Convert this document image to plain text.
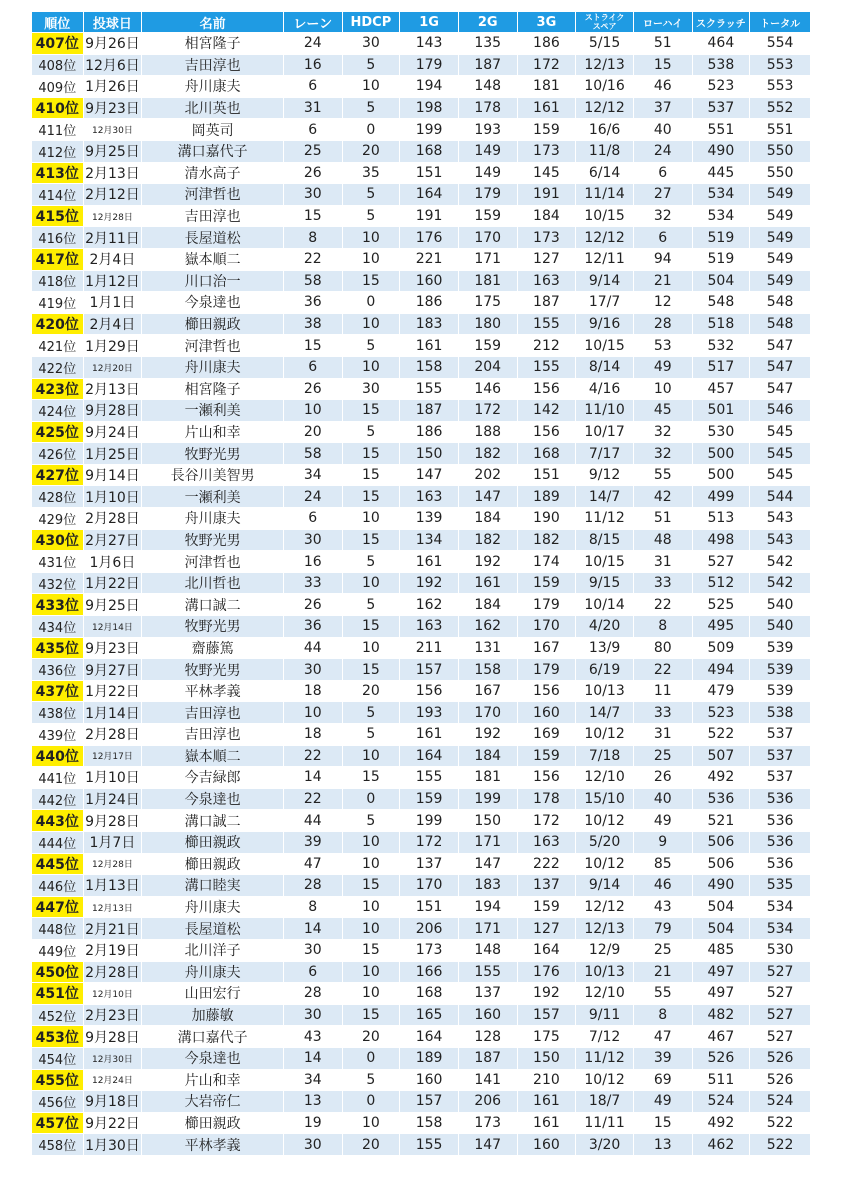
順位	投球日	名前	レーン	HDCP	1G	2G	3G	ストライク
スペア	ローハイ	スクラッチ	トータル
407位	9月26日	相宮隆子	24	30	143	135	186	5/15	51	464	554
408位	12月6日	吉田淳也	16	5	179	187	172	12/13	15	538	553
409位	1月26日	舟川康夫	6	10	194	148	181	10/16	46	523	553
410位	9月23日	北川英也	31	5	198	178	161	12/12	37	537	552
411位	12月30日	岡英司	6	0	199	193	159	16/6	40	551	551
412位	9月25日	溝口嘉代子	25	20	168	149	173	11/8	24	490	550
413位	2月13日	清水高子	26	35	151	149	145	6/14	6	445	550
414位	2月12日	河津哲也	30	5	164	179	191	11/14	27	534	549
415位	12月28日	吉田淳也	15	5	191	159	184	10/15	32	534	549
416位	2月11日	長屋道松	8	10	176	170	173	12/12	6	519	549
417位	2月4日	嶽本順二	22	10	221	171	127	12/11	94	519	549
418位	1月12日	川口治一	58	15	160	181	163	9/14	21	504	549
419位	1月1日	今泉達也	36	0	186	175	187	17/7	12	548	548
420位	2月4日	櫛田親政	38	10	183	180	155	9/16	28	518	548
421位	1月29日	河津哲也	15	5	161	159	212	10/15	53	532	547
422位	12月20日	舟川康夫	6	10	158	204	155	8/14	49	517	547
423位	2月13日	相宮隆子	26	30	155	146	156	4/16	10	457	547
424位	9月28日	一瀬利美	10	15	187	172	142	11/10	45	501	546
425位	9月24日	片山和幸	20	5	186	188	156	10/17	32	530	545
426位	1月25日	牧野光男	58	15	150	182	168	7/17	32	500	545
427位	9月14日	長谷川美智男	34	15	147	202	151	9/12	55	500	545
428位	1月10日	一瀬利美	24	15	163	147	189	14/7	42	499	544
429位	2月28日	舟川康夫	6	10	139	184	190	11/12	51	513	543
430位	2月27日	牧野光男	30	15	134	182	182	8/15	48	498	543
431位	1月6日	河津哲也	16	5	161	192	174	10/15	31	527	542
432位	1月22日	北川哲也	33	10	192	161	159	9/15	33	512	542
433位	9月25日	溝口誠二	26	5	162	184	179	10/14	22	525	540
434位	12月14日	牧野光男	36	15	163	162	170	4/20	8	495	540
435位	9月23日	齋藤篤	44	10	211	131	167	13/9	80	509	539
436位	9月27日	牧野光男	30	15	157	158	179	6/19	22	494	539
437位	1月22日	平林孝義	18	20	156	167	156	10/13	11	479	539
438位	1月14日	吉田淳也	10	5	193	170	160	14/7	33	523	538
439位	2月28日	吉田淳也	18	5	161	192	169	10/12	31	522	537
440位	12月17日	嶽本順二	22	10	164	184	159	7/18	25	507	537
441位	1月10日	今吉緑郎	14	15	155	181	156	12/10	26	492	537
442位	1月24日	今泉達也	22	0	159	199	178	15/10	40	536	536
443位	9月28日	溝口誠二	44	5	199	150	172	10/12	49	521	536
444位	1月7日	櫛田親政	39	10	172	171	163	5/20	9	506	536
445位	12月28日	櫛田親政	47	10	137	147	222	10/12	85	506	536
446位	1月13日	溝口睦実	28	15	170	183	137	9/14	46	490	535
447位	12月13日	舟川康夫	8	10	151	194	159	12/12	43	504	534
448位	2月21日	長屋道松	14	10	206	171	127	12/13	79	504	534
449位	2月19日	北川洋子	30	15	173	148	164	12/9	25	485	530
450位	2月28日	舟川康夫	6	10	166	155	176	10/13	21	497	527
451位	12月10日	山田宏行	28	10	168	137	192	12/10	55	497	527
452位	2月23日	加藤敏	30	15	165	160	157	9/11	8	482	527
453位	9月28日	溝口嘉代子	43	20	164	128	175	7/12	47	467	527
454位	12月30日	今泉達也	14	0	189	187	150	11/12	39	526	526
455位	12月24日	片山和幸	34	5	160	141	210	10/12	69	511	526
456位	9月18日	大岩帝仁	13	0	157	206	161	18/7	49	524	524
457位	9月22日	櫛田親政	19	10	158	173	161	11/11	15	492	522
458位	1月30日	平林孝義	30	20	155	147	160	3/20	13	462	522
